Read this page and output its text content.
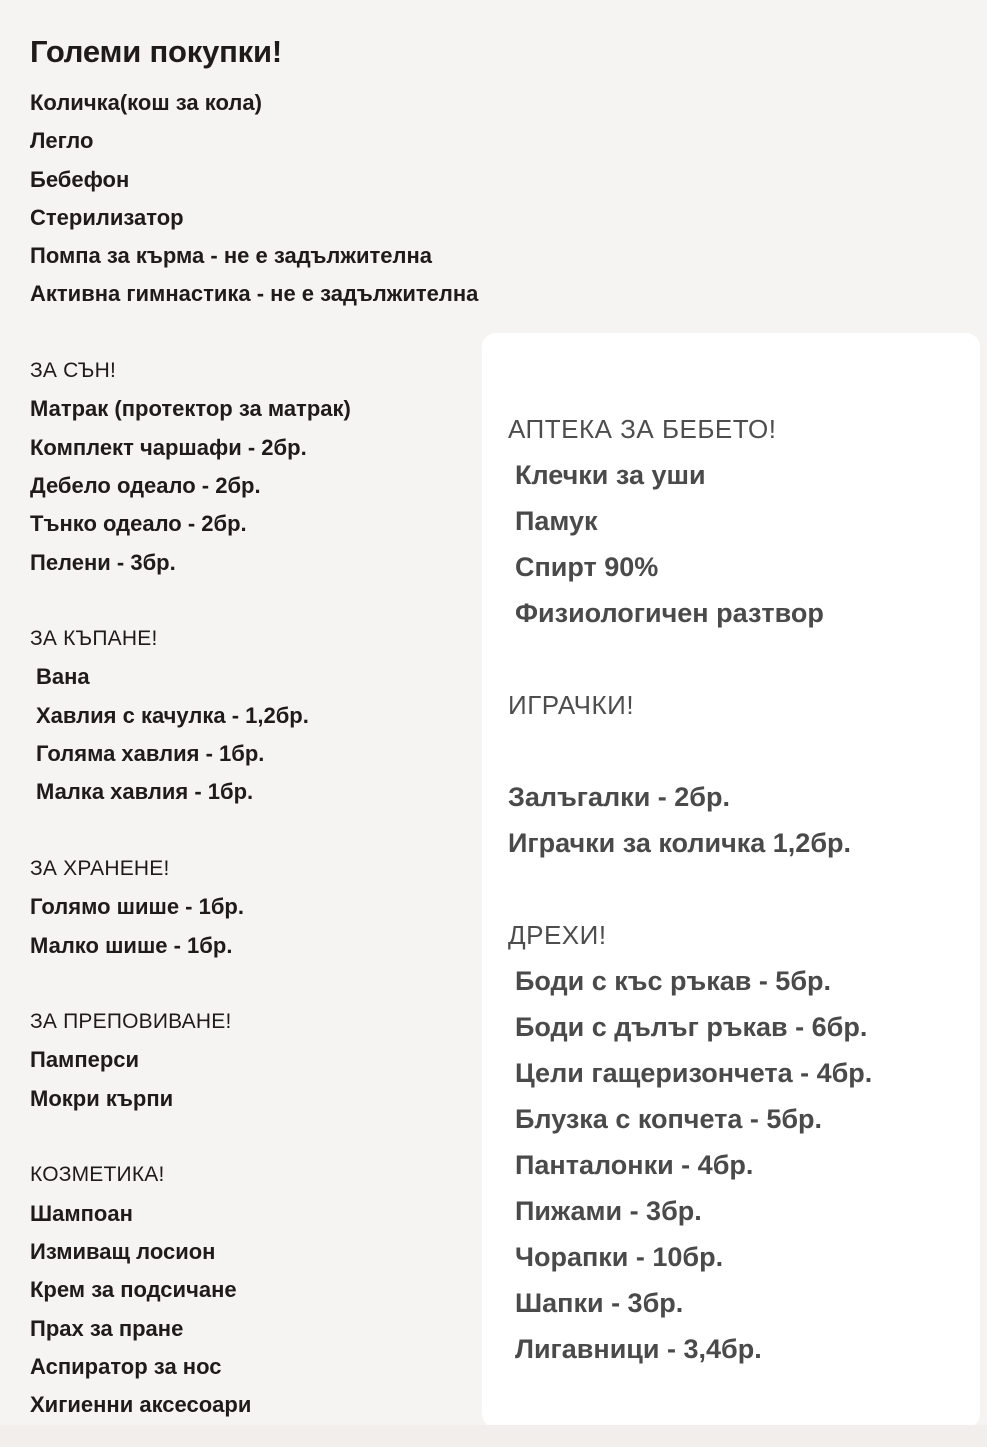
Големи покупки!
Количка(кош за кола)
Легло
Бебефон
Стерилизатор
Помпа за кърма - не е задължителна
Активна гимнастика - не е задължителна
ЗА СЪН!
Матрак (протектор за матрак)
Комплект чаршафи - 2бр.
Дебело одеало - 2бр.
Тънко одеало - 2бр.
Пелени - 3бр.
ЗА КЪПАНЕ!
Вана
Хавлия с качулка - 1,2бр.
Голяма хавлия - 1бр.
Малка хавлия - 1бр.
ЗА ХРАНЕНЕ!
Голямо шише - 1бр.
Малко шише - 1бр.
ЗА ПРЕПОВИВАНЕ!
Памперси
Мокри кърпи
КОЗМЕТИКА!
Шампоан
Измиващ лосион
Крем за подсичане
Прах за пране
Аспиратор за нос
Хигиенни аксесоари
АПТЕКА ЗА БЕБЕТО!
Клечки за уши
Памук
Спирт 90%
Физиологичен разтвор
ИГРАЧКИ!
Залъгалки - 2бр.
Играчки за количка 1,2бр.
ДРЕХИ!
Боди с къс ръкав - 5бр.
Боди с дълъг ръкав - 6бр.
Цели гащеризончета - 4бр.
Блузка с копчета - 5бр.
Панталонки - 4бр.
Пижами - 3бр.
Чорапки - 10бр.
Шапки - 3бр.
Лигавници - 3,4бр.
